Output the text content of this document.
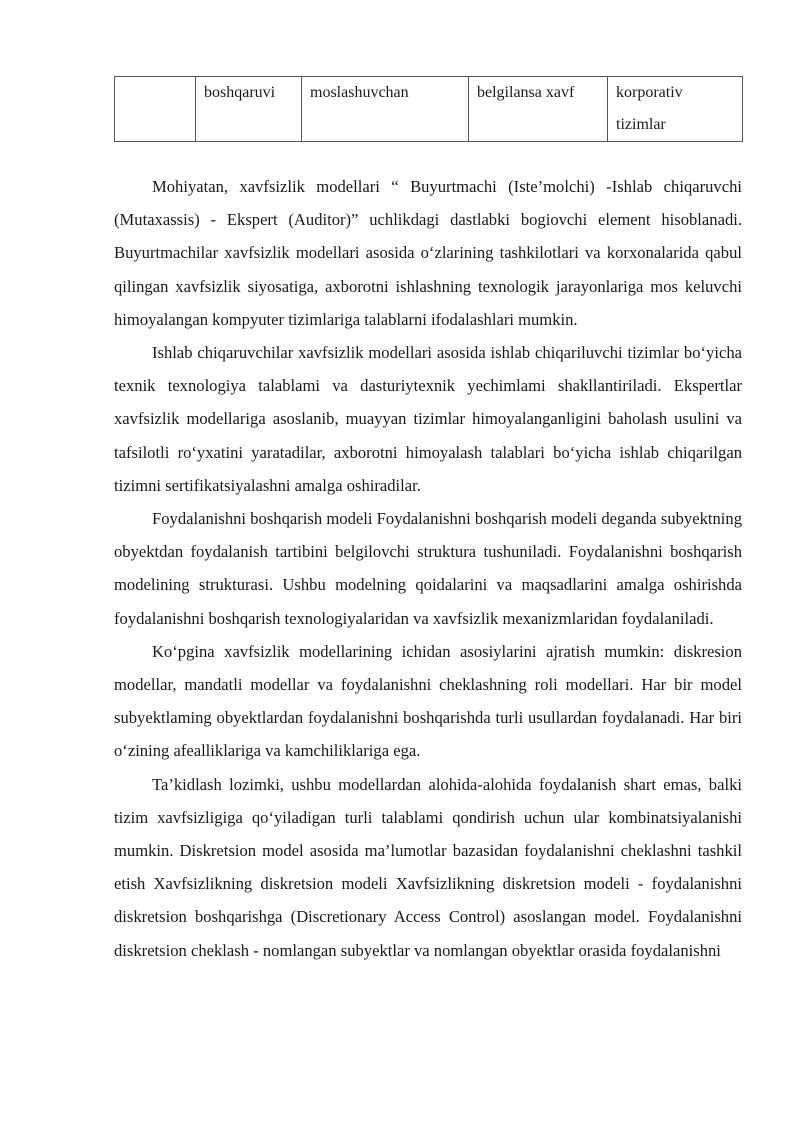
	boshqaruvi	moslashuvchan	belgilansa xavf	korporativ tizimlar

Mohiyatan, xavfsizlik modellari “ Buyurtmachi (Iste’molchi) -Ishlab chiqaruvchi (Mutaxassis) - Ekspert (Auditor)” uchlikdagi dastlabki bogiovchi element hisoblanadi. Buyurtmachilar xavfsizlik modellari asosida o‘zlarining tashkilotlari va korxonalarida qabul qilingan xavfsizlik siyosatiga, axborotni ishlashning texnologik jarayonlariga mos keluvchi himoyalangan kompyuter tizimlariga talablarni ifodalashlari mumkin.

Ishlab chiqaruvchilar xavfsizlik modellari asosida ishlab chiqariluvchi tizimlar bo‘yicha texnik texnologiya talablami va dasturiytexnik yechimlami shakllantiriladi. Ekspertlar xavfsizlik modellariga asoslanib, muayyan tizimlar himoyalanganligini baholash usulini va tafsilotli ro‘yxatini yaratadilar, axborotni himoyalash talablari bo‘yicha ishlab chiqarilgan tizimni sertifikatsiyalashni amalga oshiradilar.

Foydalanishni boshqarish modeli Foydalanishni boshqarish modeli deganda subyektning obyektdan foydalanish tartibini belgilovchi struktura tushuniladi. Foydalanishni boshqarish modelining strukturasi. Ushbu modelning qoidalarini va maqsadlarini amalga oshirishda foydalanishni boshqarish texnologiyalaridan va xavfsizlik mexanizmlaridan foydalaniladi.

Ko‘pgina xavfsizlik modellarining ichidan asosiylarini ajratish mumkin: diskresion modellar, mandatli modellar va foydalanishni cheklashning roli modellari. Har bir model subyektlaming obyektlardan foydalanishni boshqarishda turli usullardan foydalanadi. Har biri o‘zining afealliklariga va kamchiliklariga ega.

Ta’kidlash lozimki, ushbu modellardan alohida-alohida foydalanish shart emas, balki tizim xavfsizligiga qo‘yiladigan turli talablami qondirish uchun ular kombinatsiyalanishi mumkin. Diskretsion model asosida ma’lumotlar bazasidan foydalanishni cheklashni tashkil etish Xavfsizlikning diskretsion modeli Xavfsizlikning diskretsion modeli - foydalanishni diskretsion boshqarishga (Discretionary Access Control) asoslangan model. Foydalanishni diskretsion cheklash - nomlangan subyektlar va nomlangan obyektlar orasida foydalanishni
